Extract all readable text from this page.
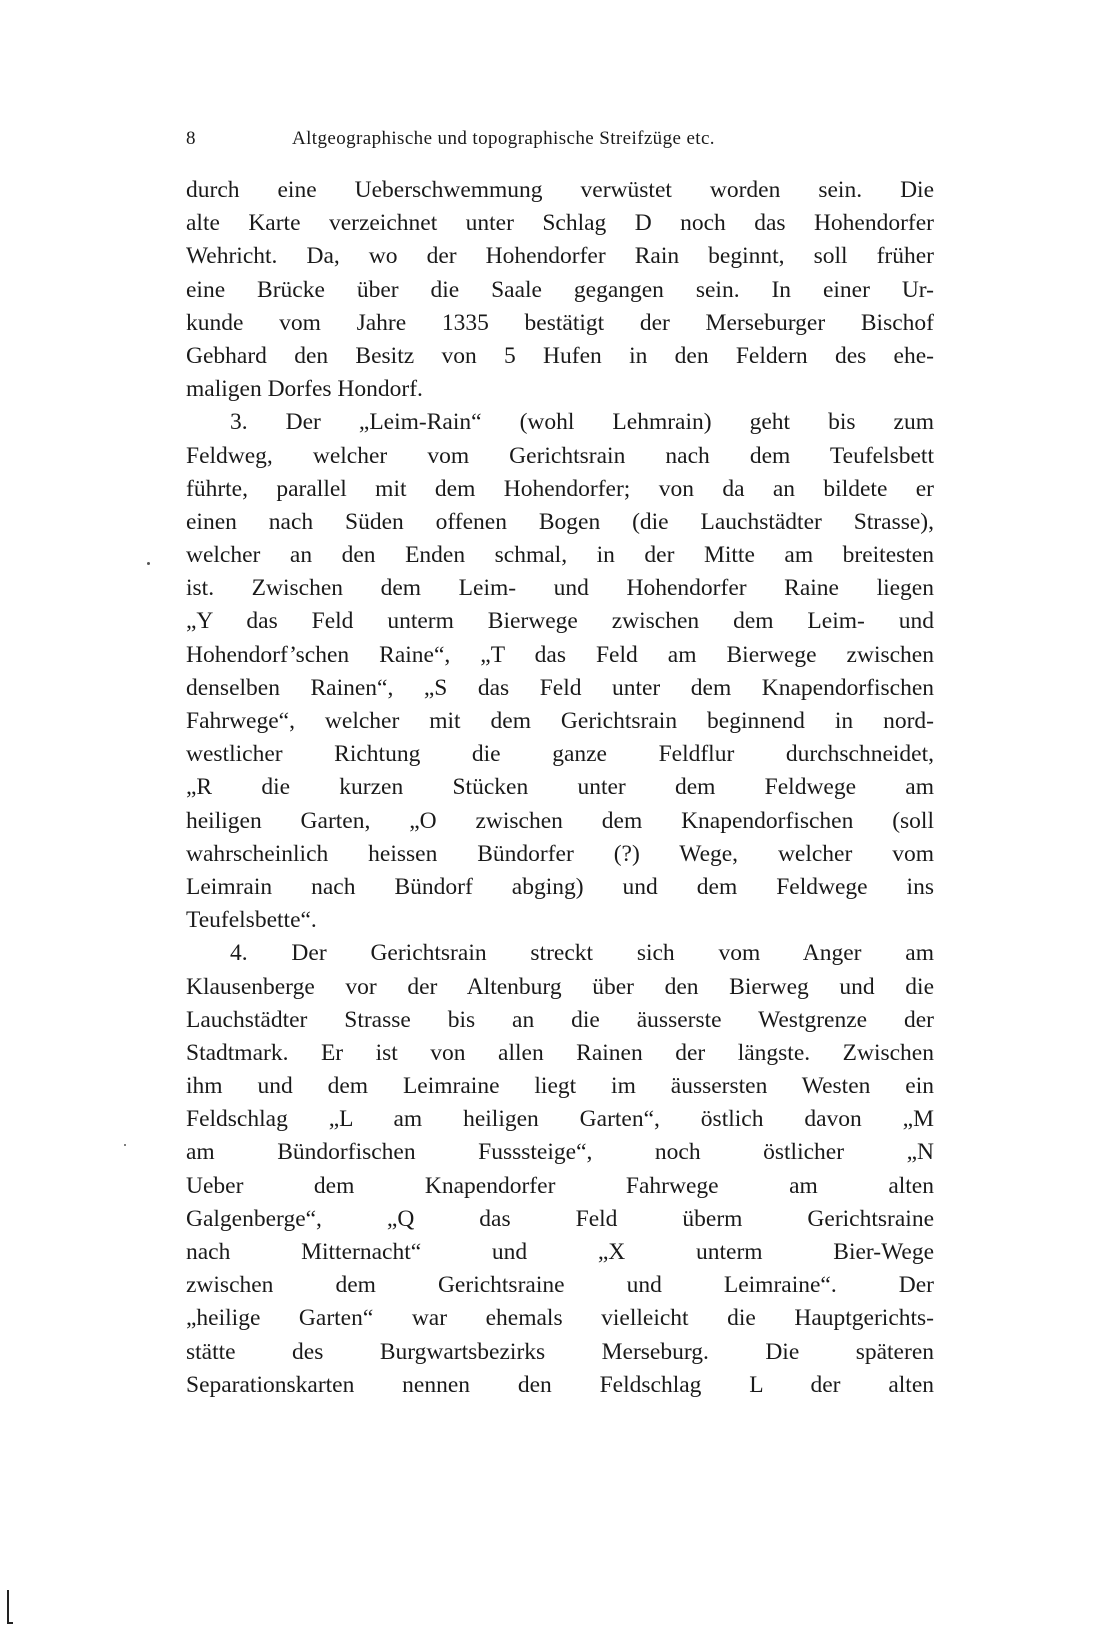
8	Altgeographische und topographische Streifzüge etc.
durch eine Ueberschwemmung verwüstet worden sein. Die
alte Karte verzeichnet unter Schlag D noch das Hohendorfer
Wehricht. Da, wo der Hohendorfer Rain beginnt, soll früher
eine Brücke über die Saale gegangen sein. In einer Ur-
kunde vom Jahre 1335 bestätigt der Merseburger Bischof
Gebhard den Besitz von 5 Hufen in den Feldern des ehe-
maligen Dorfes Hondorf.
3. Der „Leim-Rain“ (wohl Lehmrain) geht bis zum
Feldweg, welcher vom Gerichtsrain nach dem Teufelsbett
führte, parallel mit dem Hohendorfer; von da an bildete er
einen nach Süden offenen Bogen (die Lauchstädter Strasse),
welcher an den Enden schmal, in der Mitte am breitesten
ist. Zwischen dem Leim- und Hohendorfer Raine liegen
„Y das Feld unterm Bierwege zwischen dem Leim- und
Hohendorf’schen Raine“, „T das Feld am Bierwege zwischen
denselben Rainen“, „S das Feld unter dem Knapendorfischen
Fahrwege“, welcher mit dem Gerichtsrain beginnend in nord-
westlicher Richtung die ganze Feldflur durchschneidet,
„R die kurzen Stücken unter dem Feldwege am
heiligen Garten, „O zwischen dem Knapendorfischen (soll
wahrscheinlich heissen Bündorfer (?) Wege, welcher vom
Leimrain nach Bündorf abging) und dem Feldwege ins
Teufelsbette“.
4. Der Gerichtsrain streckt sich vom Anger am
Klausenberge vor der Altenburg über den Bierweg und die
Lauchstädter Strasse bis an die äusserste Westgrenze der
Stadtmark. Er ist von allen Rainen der längste. Zwischen
ihm und dem Leimraine liegt im äussersten Westen ein
Feldschlag „L am heiligen Garten“, östlich davon „M
am Bündorfischen Fusssteige“, noch östlicher „N
Ueber dem Knapendorfer Fahrwege am alten
Galgenberge“, „Q das Feld überm Gerichtsraine
nach Mitternacht“ und „X unterm Bier-Wege
zwischen dem Gerichtsraine und Leimraine“. Der
„heilige Garten“ war ehemals vielleicht die Hauptgerichts-
stätte des Burgwartsbezirks Merseburg. Die späteren
Separationskarten nennen den Feldschlag L der alten
